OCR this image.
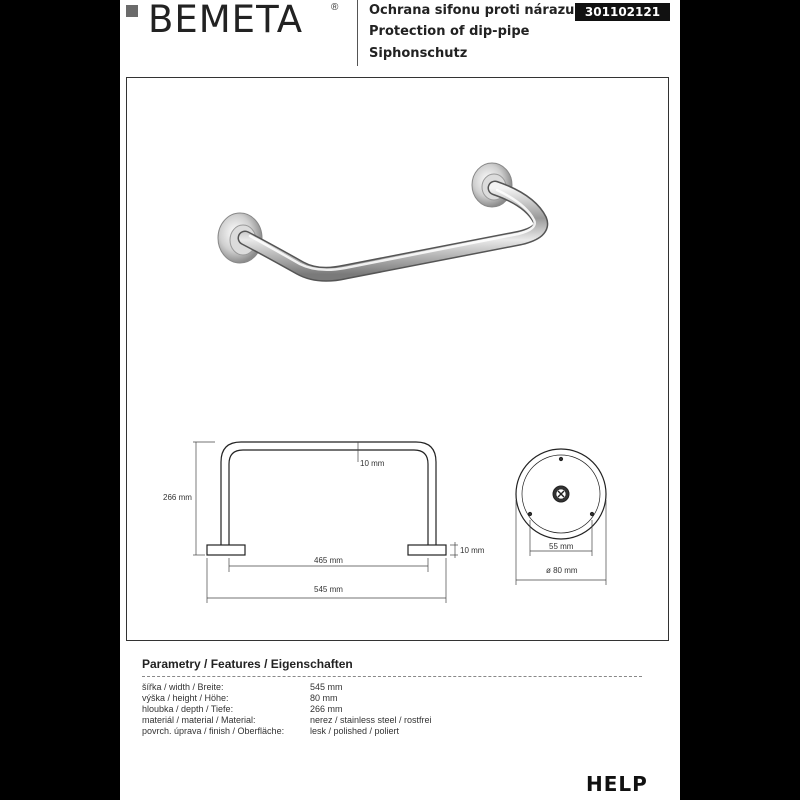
BEMETA	® Ochrana sifonu proti nárazu
Protection of dip-pipe
Siphonschutz
301102121
266 mm
10 mm
10 mm
465 mm
545 mm
55 mm
ø 80 mm
Parametry / Features / Eigenschaften
šířka / width / Breite:	545 mm
výška / height / Höhe:	80 mm
hloubka / depth / Tiefe:	266 mm
materiál / material / Material:	nerez / stainless steel / rostfrei
povrch. úprava / finish / Oberfläche:	lesk / polished / poliert
HELP
